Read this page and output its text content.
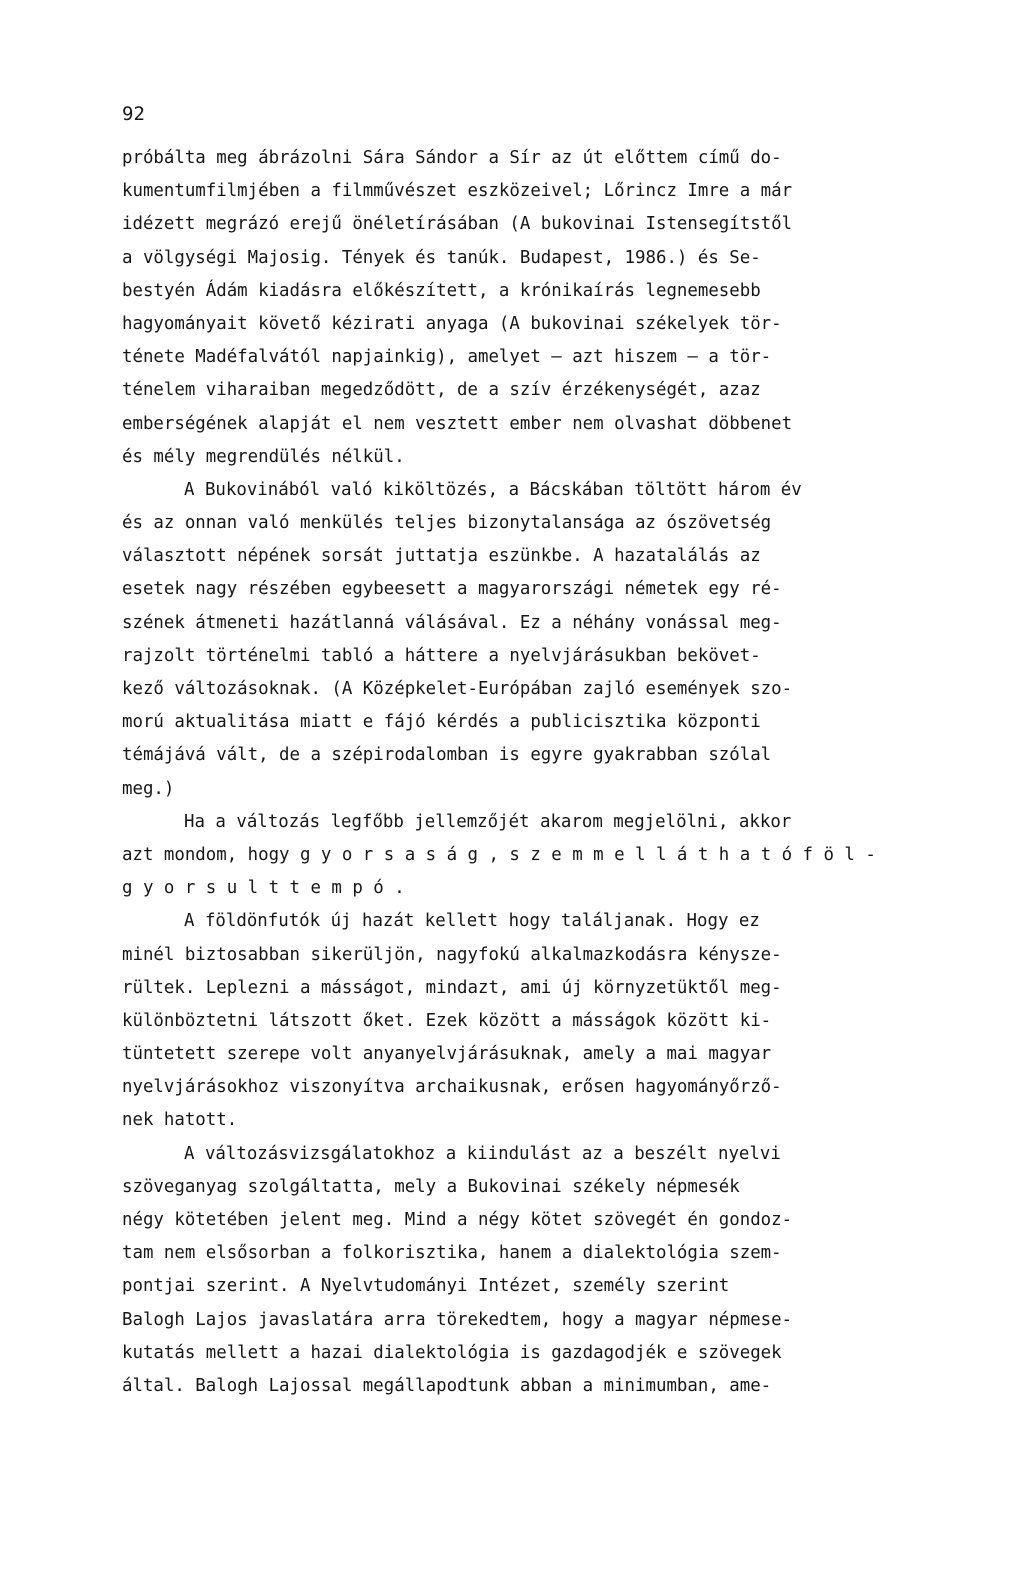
92
próbálta meg ábrázolni Sára Sándor a Sír az út előttem című do-
kumentumfilmjében a filmművészet eszközeivel; Lőrincz Imre a már
idézett megrázó erejű önéletírásában (A bukovinai Istensegítstől
a völgységi Majosig. Tények és tanúk. Budapest, 1986.) és Se-
bestyén Ádám kiadásra előkészített, a krónikaírás legnemesebb
hagyományait követő kézirati anyaga (A bukovinai székelyek tör-
ténete Madéfalvától napjainkig), amelyet — azt hiszem — a tör-
ténelem viharaiban megedződött, de a szív érzékenységét, azaz
emberségének alapját el nem vesztett ember nem olvashat döbbenet
és mély megrendülés nélkül.
A Bukovinából való kiköltözés, a Bácskában töltött három év
és az onnan való menkülés teljes bizonytalansága az ószövetség
választott népének sorsát juttatja eszünkbe. A hazatalálás az
esetek nagy részében egybeesett a magyarországi németek egy ré-
szének átmeneti hazátlanná válásával. Ez a néhány vonással meg-
rajzolt történelmi tabló a háttere a nyelvjárásukban bekövet-
kező változásoknak. (A Középkelet-Európában zajló események szo-
morú aktualitása miatt e fájó kérdés a publicisztika központi
témájává vált, de a szépirodalomban is egyre gyakrabban szólal
meg.)
Ha a változás legfőbb jellemzőjét akarom megjelölni, akkor
azt mondom, hogy g y o r s a s á g , s z e m m e l l á t h a t ó f ö l -
g y o r s u l t t e m p ó .
A földönfutók új hazát kellett hogy találjanak. Hogy ez
minél biztosabban sikerüljön, nagyfokú alkalmazkodásra kénysze-
rültek. Leplezni a másságot, mindazt, ami új környzetüktől meg-
különböztetni látszott őket. Ezek között a másságok között ki-
tüntetett szerepe volt anyanyelvjárásuknak, amely a mai magyar
nyelvjárásokhoz viszonyítva archaikusnak, erősen hagyományőrző-
nek hatott.
A változásvizsgálatokhoz a kiindulást az a beszélt nyelvi
szöveganyag szolgáltatta, mely a Bukovinai székely népmesék
négy kötetében jelent meg. Mind a négy kötet szövegét én gondoz-
tam nem elsősorban a folkorisztika, hanem a dialektológia szem-
pontjai szerint. A Nyelvtudományi Intézet, személy szerint
Balogh Lajos javaslatára arra törekedtem, hogy a magyar népmese-
kutatás mellett a hazai dialektológia is gazdagodjék e szövegek
által. Balogh Lajossal megállapodtunk abban a minimumban, ame-
